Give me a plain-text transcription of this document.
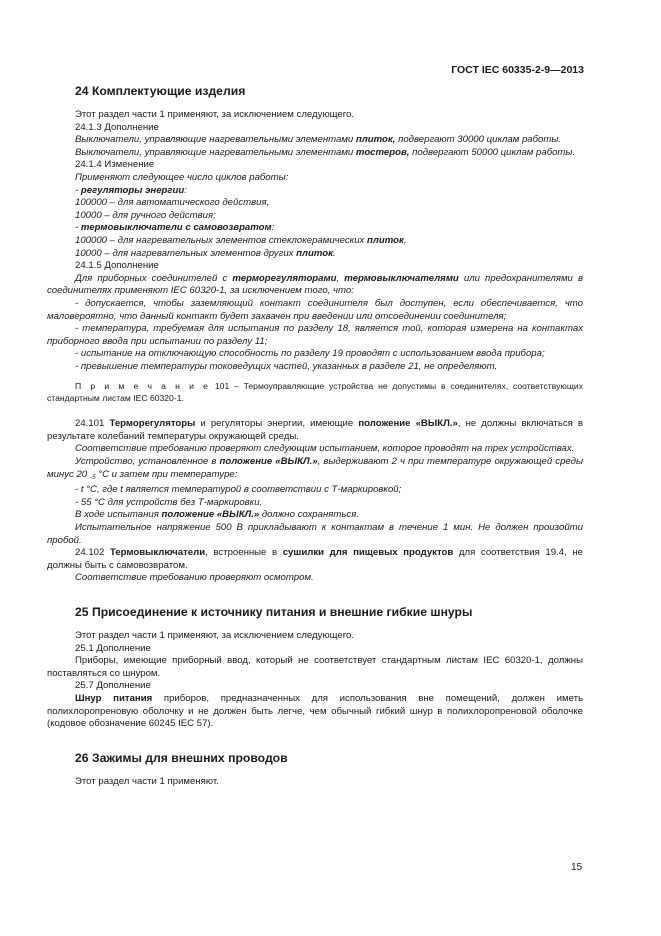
ГОСТ IEC 60335-2-9—2013
24 Комплектующие изделия

Этот раздел части 1 применяют, за исключением следующего.

24.1.3 Дополнение

Выключатели, управляющие нагревательными элементами плиток, подвергают 30000 циклам работы.

Выключатели, управляющие нагревательными элементами тостеров, подвергают 50000 циклам работы.

24.1.4 Изменение

Применяют следующее число циклов работы:

- регуляторы энергии:

100000 – для автоматического действия,

10000 – для ручного действия;

- термовыключатели с самовозвратом:

100000 – для нагревательных элементов стеклокерамических плиток,

10000 – для нагревательных элементов других плиток.

24.1.5 Дополнение

Для приборных соединителей с терморегуляторами, термовыключателями или предохранителями в соединителях применяют IEC 60320-1, за исключением того, что:

- допускается, чтобы заземляющий контакт соединителя был доступен, если обеспечивается, что маловероятно, что данный контакт будет захвачен при введении или отсоединении соединителя;

- температура, требуемая для испытания по разделу 18, является той, которая измерена на контактах приборного ввода при испытании по разделу 11;

- испытание на отключающую способность по разделу 19 проводят с использованием ввода прибора;

- превышение температуры токоведущих частей, указанных в разделе 21, не определяют.

П р и м е ч а н и е 101 – Термоуправляющие устройства не допустимы в соединителях, соответствующих стандартным листам IEC 60320-1.

24.101 Терморегуляторы и регуляторы энергии, имеющие положение «ВЫКЛ.», не должны включаться в результате колебаний температуры окружающей среды.

Соответствие требованию проверяют следующим испытанием, которое проводят на трех устройствах.

Устройство, установленное в положение «ВЫКЛ.», выдерживают 2 ч при температуре окружающей среды минус 20 $_{-5}$ °С и затем при температуре:

- t °С, где t является температурой в соответствии с Т-маркировкой;

- 55 °С для устройств без Т-маркировки.

В ходе испытания положение «ВЫКЛ.» должно сохраняться.

Испытательное напряжение 500 В прикладывают к контактам в течение 1 мин. Не должен произойти пробой.

24.102 Термовыключатели, встроенные в сушилки для пищевых продуктов для соответствия 19.4, не должны быть с самовозвратом.

Соответствие требованию проверяют осмотром.

25 Присоединение к источнику питания и внешние гибкие шнуры

Этот раздел части 1 применяют, за исключением следующего.

25.1 Дополнение

Приборы, имеющие приборный ввод, который не соответствует стандартным листам IEC 60320-1, должны поставляться со шнуром.

25.7 Дополнение

Шнур питания приборов, предназначенных для использования вне помещений, должен иметь полихлоропреновую оболочку и не должен быть легче, чем обычный гибкий шнур в полихлоропреновой оболочке (кодовое обозначение 60245 IEC 57).

26 Зажимы для внешних проводов

Этот раздел части 1 применяют.

15
